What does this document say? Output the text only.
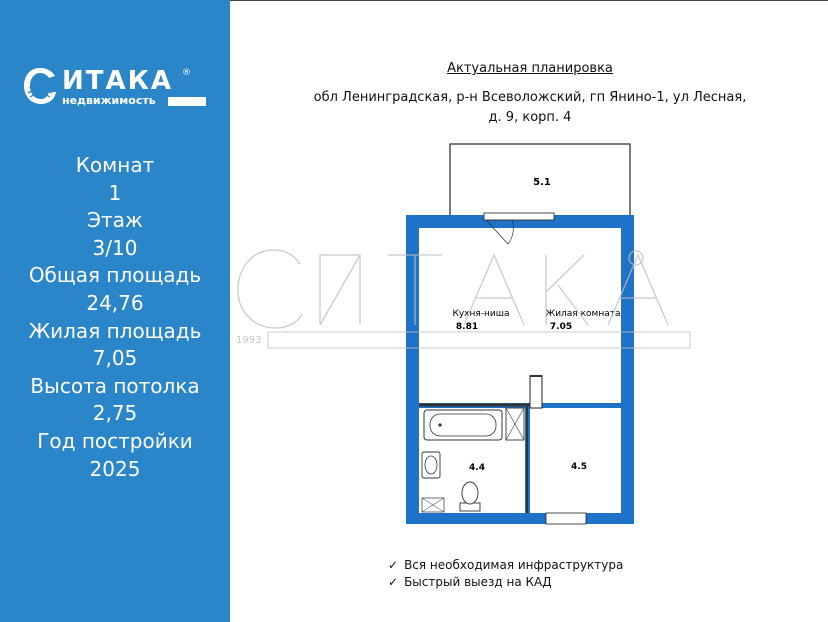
ИТАКА ®
недвижимость
Комнат
1
Этаж
3/10
Общая площадь
24,76
Жилая площадь
7,05
Высота потолка
2,75
Год постройки
2025
Актуальная планировка
обл Ленинградская, р-н Всеволожский, гп Янино-1, ул Лесная,
д. 9, корп. 4
5.1
Кухня-ниша
8.81
Жилая комната
7.05
4.4	4.5
1993
✓ Вся необходимая инфраструктура
✓ Быстрый выезд на КАД
